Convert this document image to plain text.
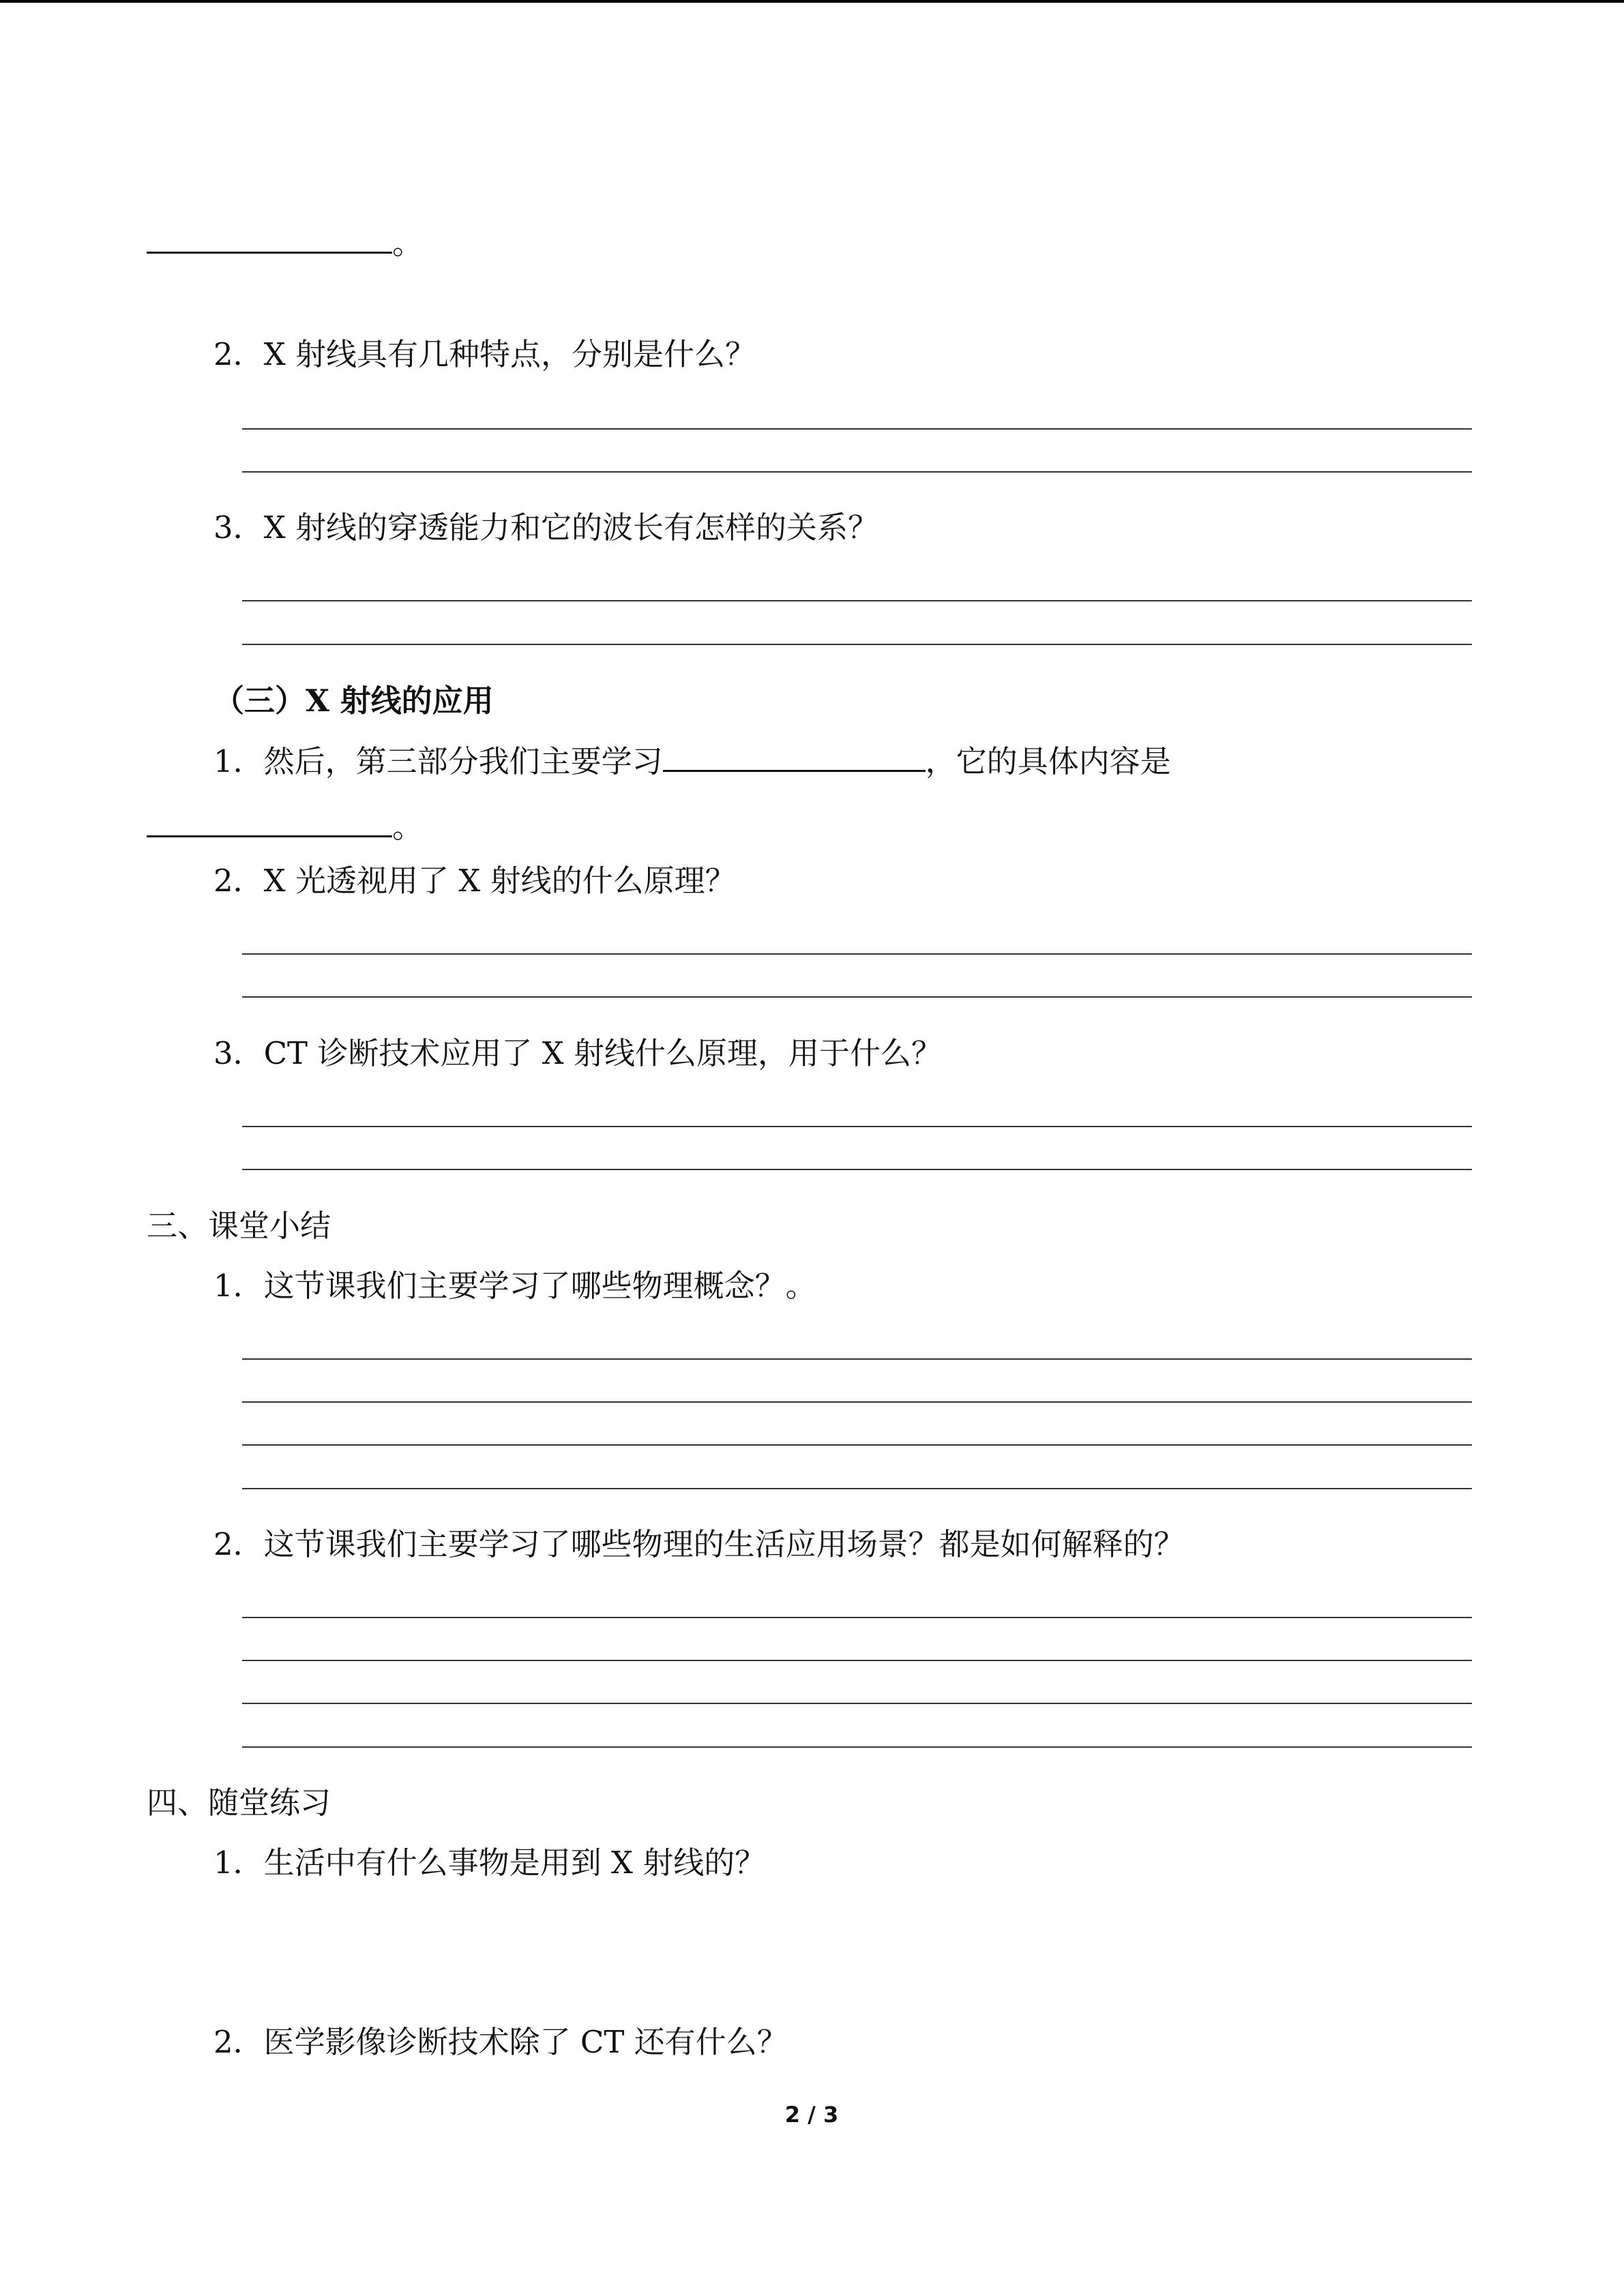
。
2．X 射线具有几种特点，分别是什么？
3．X 射线的穿透能力和它的波长有怎样的关系？
（三）X 射线的应用
1．然后，第三部分我们主要学习	，它的具体内容是
。
2．X 光透视用了 X 射线的什么原理？
3．CT 诊断技术应用了 X 射线什么原理，用于什么？
三、课堂小结
1．这节课我们主要学习了哪些物理概念？。
2．这节课我们主要学习了哪些物理的生活应用场景？都是如何解释的？
四、随堂练习
1．生活中有什么事物是用到 X 射线的？
2．医学影像诊断技术除了 CT 还有什么？
2 / 3
